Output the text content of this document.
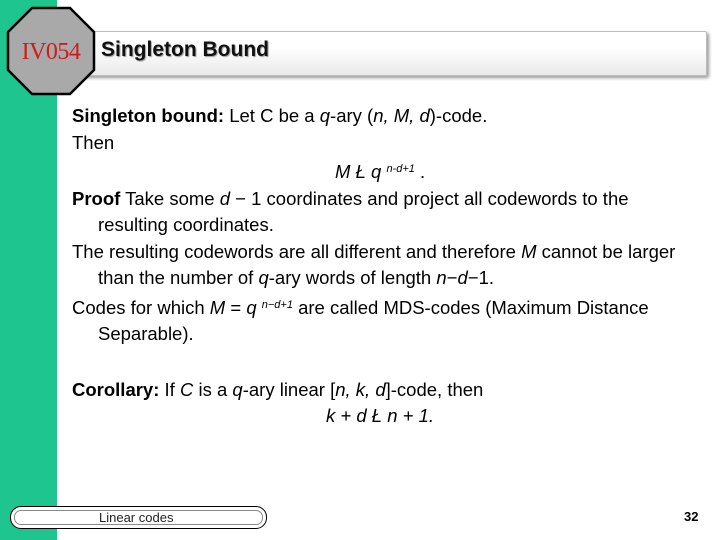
IV054 Singleton Bound

Singleton bound: Let C be a q-ary (n, M, d)-code.

Then

M Ł q $^{n-d+1}$ .

Proof Take some d − 1 coordinates and project all codewords to the resulting coordinates.

The resulting codewords are all different and therefore M cannot be larger than the number of q-ary words of length n−d−1.

Codes for which M = q $^{n-d+1}$ are called MDS-codes (Maximum Distance Separable).

Corollary: If C is a q-ary linear [n, k, d]-code, then

k + d Ł n + 1.

Linear codes	32
